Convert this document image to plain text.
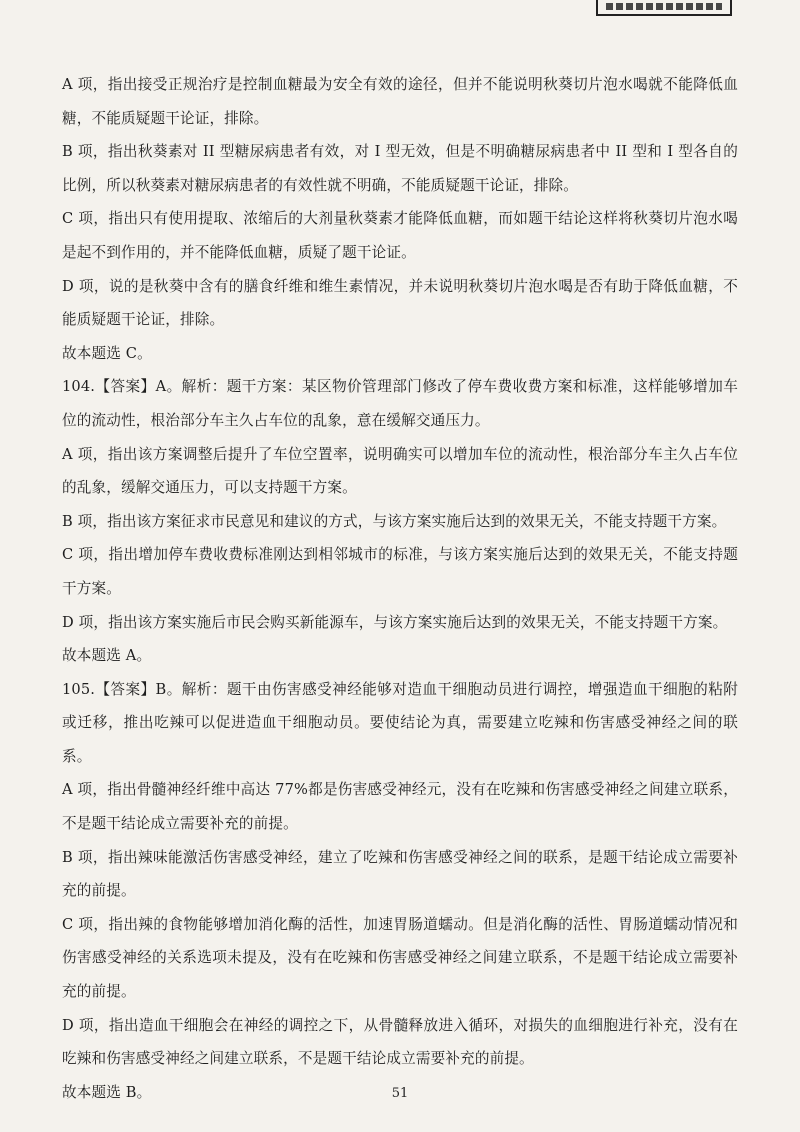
A 项，指出接受正规治疗是控制血糖最为安全有效的途径，但并不能说明秋葵切片泡水喝就不能降低血糖，不能质疑题干论证，排除。

B 项，指出秋葵素对 II 型糖尿病患者有效，对 I 型无效，但是不明确糖尿病患者中 II 型和 I 型各自的比例，所以秋葵素对糖尿病患者的有效性就不明确，不能质疑题干论证，排除。

C 项，指出只有使用提取、浓缩后的大剂量秋葵素才能降低血糖，而如题干结论这样将秋葵切片泡水喝是起不到作用的，并不能降低血糖，质疑了题干论证。

D 项，说的是秋葵中含有的膳食纤维和维生素情况，并未说明秋葵切片泡水喝是否有助于降低血糖，不能质疑题干论证，排除。

故本题选 C。

104.【答案】A。解析：题干方案：某区物价管理部门修改了停车费收费方案和标准，这样能够增加车位的流动性，根治部分车主久占车位的乱象，意在缓解交通压力。

A 项，指出该方案调整后提升了车位空置率，说明确实可以增加车位的流动性，根治部分车主久占车位的乱象，缓解交通压力，可以支持题干方案。

B 项，指出该方案征求市民意见和建议的方式，与该方案实施后达到的效果无关，不能支持题干方案。

C 项，指出增加停车费收费标准刚达到相邻城市的标准，与该方案实施后达到的效果无关，不能支持题干方案。

D 项，指出该方案实施后市民会购买新能源车，与该方案实施后达到的效果无关，不能支持题干方案。

故本题选 A。

105.【答案】B。解析：题干由伤害感受神经能够对造血干细胞动员进行调控，增强造血干细胞的粘附或迁移，推出吃辣可以促进造血干细胞动员。要使结论为真，需要建立吃辣和伤害感受神经之间的联系。

A 项，指出骨髓神经纤维中高达 77%都是伤害感受神经元，没有在吃辣和伤害感受神经之间建立联系，不是题干结论成立需要补充的前提。

B 项，指出辣味能激活伤害感受神经，建立了吃辣和伤害感受神经之间的联系，是题干结论成立需要补充的前提。

C 项，指出辣的食物能够增加消化酶的活性，加速胃肠道蠕动。但是消化酶的活性、胃肠道蠕动情况和伤害感受神经的关系选项未提及，没有在吃辣和伤害感受神经之间建立联系，不是题干结论成立需要补充的前提。

D 项，指出造血干细胞会在神经的调控之下，从骨髓释放进入循环，对损失的血细胞进行补充，没有在吃辣和伤害感受神经之间建立联系，不是题干结论成立需要补充的前提。

故本题选 B。	51
